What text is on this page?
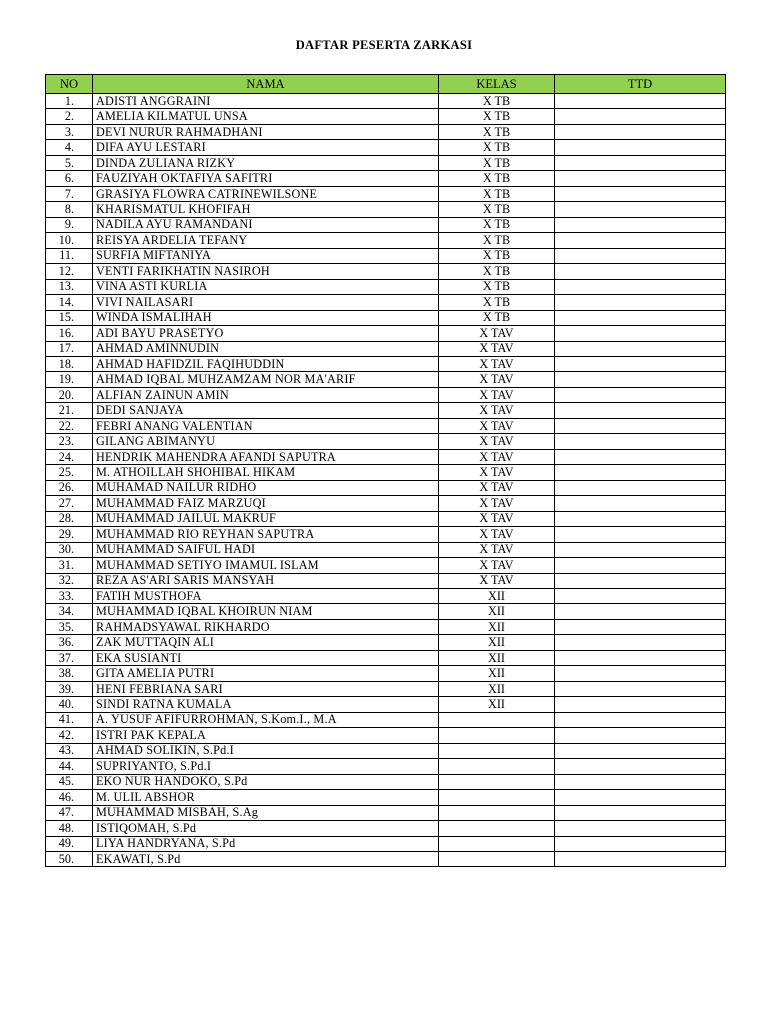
DAFTAR PESERTA ZARKASI
NO	NAMA	KELAS	TTD
1.	ADISTI ANGGRAINI	X TB	
2.	AMELIA KILMATUL UNSA	X TB	
3.	DEVI NURUR RAHMADHANI	X TB	
4.	DIFA AYU LESTARI	X TB	
5.	DINDA ZULIANA RIZKY	X TB	
6.	FAUZIYAH OKTAFIYA SAFITRI	X TB	
7.	GRASIYA FLOWRA CATRINEWILSONE	X TB	
8.	KHARISMATUL KHOFIFAH	X TB	
9.	NADILA AYU RAMANDANI	X TB	
10.	REISYA ARDELIA TEFANY	X TB	
11.	SURFIA MIFTANIYA	X TB	
12.	VENTI FARIKHATIN NASIROH	X TB	
13.	VINA ASTI KURLIA	X TB	
14.	VIVI NAILASARI	X TB	
15.	WINDA ISMALIHAH	X TB	
16.	ADI BAYU PRASETYO	X TAV	
17.	AHMAD AMINNUDIN	X TAV	
18.	AHMAD HAFIDZIL FAQIHUDDIN	X TAV	
19.	AHMAD IQBAL MUHZAMZAM NOR MA'ARIF	X TAV	
20.	ALFIAN ZAINUN AMIN	X TAV	
21.	DEDI SANJAYA	X TAV	
22.	FEBRI ANANG VALENTIAN	X TAV	
23.	GILANG ABIMANYU	X TAV	
24.	HENDRIK MAHENDRA AFANDI SAPUTRA	X TAV	
25.	M. ATHOILLAH SHOHIBAL HIKAM	X TAV	
26.	MUHAMAD NAILUR RIDHO	X TAV	
27.	MUHAMMAD FAIZ MARZUQI	X TAV	
28.	MUHAMMAD JAILUL MAKRUF	X TAV	
29.	MUHAMMAD RIO REYHAN SAPUTRA	X TAV	
30.	MUHAMMAD SAIFUL HADI	X TAV	
31.	MUHAMMAD SETIYO IMAMUL ISLAM	X TAV	
32.	REZA AS'ARI SARIS MANSYAH	X TAV	
33.	FATIH MUSTHOFA	XII	
34.	MUHAMMAD IQBAL KHOIRUN NIAM	XII	
35.	RAHMADSYAWAL RIKHARDO	XII	
36.	ZAK MUTTAQIN ALI	XII	
37.	EKA SUSIANTI	XII	
38.	GITA AMELIA PUTRI	XII	
39.	HENI FEBRIANA SARI	XII	
40.	SINDI RATNA KUMALA	XII	
41.	A. YUSUF AFIFURROHMAN, S.Kom.I., M.A		
42.	ISTRI PAK KEPALA		
43.	AHMAD SOLIKIN, S.Pd.I		
44.	SUPRIYANTO, S.Pd.I		
45.	EKO NUR HANDOKO, S.Pd		
46.	M. ULIL ABSHOR		
47.	MUHAMMAD MISBAH, S.Ag		
48.	ISTIQOMAH, S.Pd		
49.	LIYA HANDRYANA, S.Pd		
50.	EKAWATI, S.Pd		
